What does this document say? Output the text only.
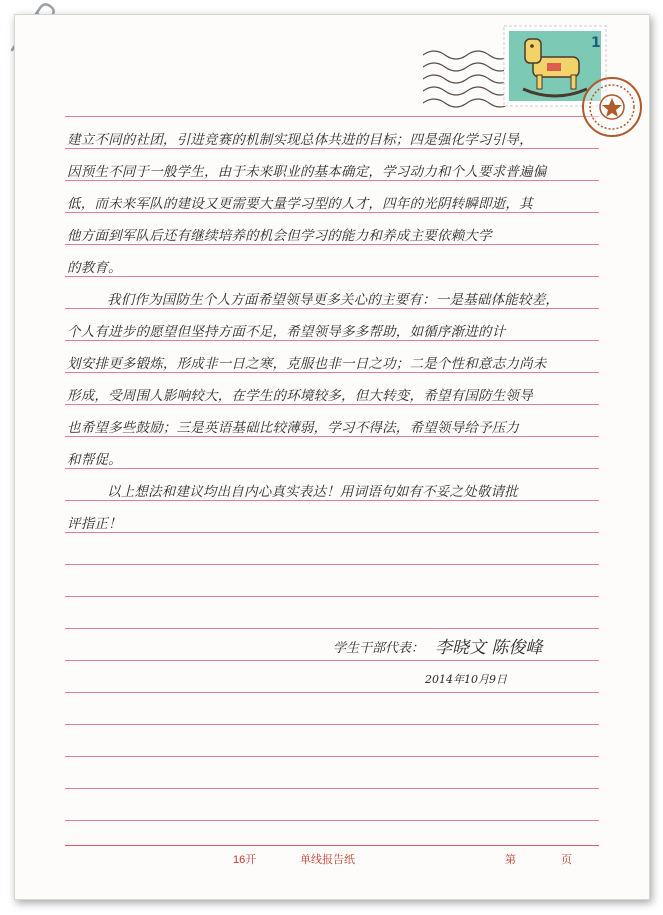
建立不同的社团，引进竞赛的机制实现总体共进的目标；四是强化学习引导，
因预生不同于一般学生，由于未来职业的基本确定，学习动力和个人要求普遍偏
低，而未来军队的建设又更需要大量学习型的人才，四年的光阴转瞬即逝，其
他方面到军队后还有继续培养的机会但学习的能力和养成主要依赖大学
的教育。
我们作为国防生个人方面希望领导更多关心的主要有：一是基础体能较差，
个人有进步的愿望但坚持方面不足，希望领导多多帮助，如循序渐进的计
划安排更多锻炼，形成非一日之寒，克服也非一日之功；二是个性和意志力尚未
形成，受周围人影响较大，在学生的环境较多，但大转变，希望有国防生领导
也希望多些鼓励；三是英语基础比较薄弱，学习不得法，希望领导给予压力
和帮促。
以上想法和建议均出自内心真实表达！用词语句如有不妥之处敬请批
评指正！
学生干部代表： 李晓文 陈俊峰
2014年10月9日
16开	单线报告纸	第	页
1
